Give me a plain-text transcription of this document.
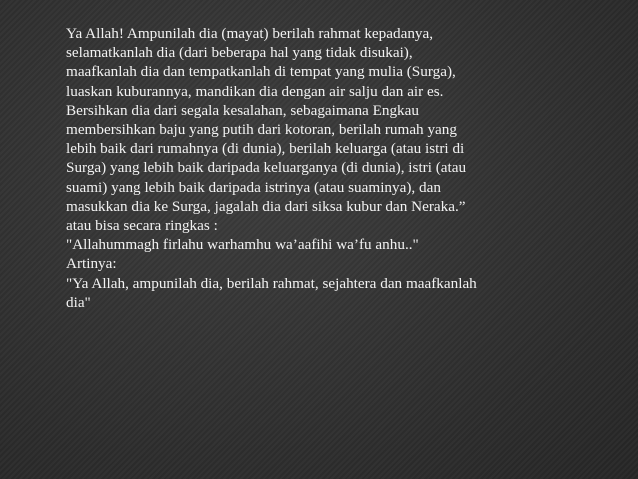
Ya Allah! Ampunilah dia (mayat) berilah rahmat kepadanya,
selamatkanlah dia (dari beberapa hal yang tidak disukai),
maafkanlah dia dan tempatkanlah di tempat yang mulia (Surga),
luaskan kuburannya, mandikan dia dengan air salju dan air es.
Bersihkan dia dari segala kesalahan, sebagaimana Engkau
membersihkan baju yang putih dari kotoran, berilah rumah yang
lebih baik dari rumahnya (di dunia), berilah keluarga (atau istri di
Surga) yang lebih baik daripada keluarganya (di dunia), istri (atau
suami) yang lebih baik daripada istrinya (atau suaminya), dan
masukkan dia ke Surga, jagalah dia dari siksa kubur dan Neraka.”
atau bisa secara ringkas :
"Allahummagh firlahu warhamhu wa’aafihi wa’fu anhu.."
Artinya:
"Ya Allah, ampunilah dia, berilah rahmat, sejahtera dan maafkanlah
dia"
